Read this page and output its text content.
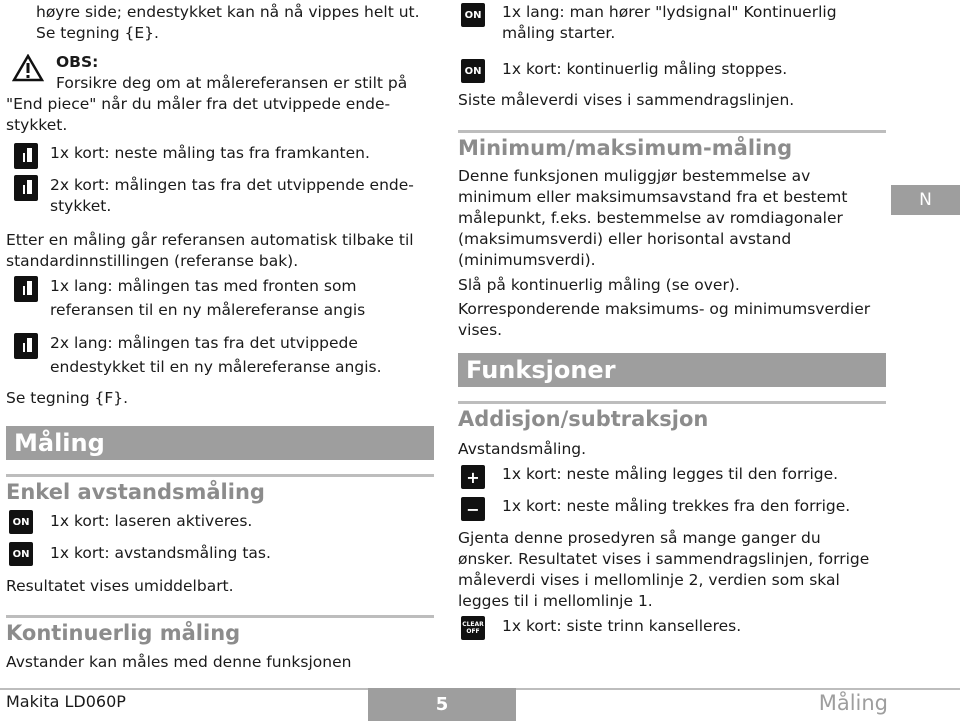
høyre side; endestykket kan nå nå vippes helt ut.

Se tegning {E}.

OBS:

Forsikre deg om at målereferansen er stilt på "End piece" når du måler fra det utvippede ende-stykket.

1x kort: neste måling tas fra framkanten.

2x kort: målingen tas fra det utvippende ende-stykket.

Etter en måling går referansen automatisk tilbake til standardinnstillingen (referanse bak).

1x lang: målingen tas med fronten som referansen til en ny målereferanse angis

2x lang: målingen tas fra det utvippede endestykket til en ny målereferanse angis.

Se tegning {F}.

Måling
Enkel avstandsmåling
ON 1x kort: laseren aktiveres.

ON 1x kort: avstandsmåling tas.

Resultatet vises umiddelbart.

Kontinuerlig måling

Avstander kan måles med denne funksjonen

ON 1x lang: man hører "lydsignal" Kontinuerlig måling starter.

ON 1x kort: kontinuerlig måling stoppes.

Siste måleverdi vises i sammendragslinjen.

Minimum/maksimum-måling

Denne funksjonen muliggjør bestemmelse av minimum eller maksimumsavstand fra et bestemt målepunkt, f.eks. bestemmelse av romdiagonaler (maksimumsverdi) eller horisontal avstand (minimumsverdi).

Slå på kontinuerlig måling (se over).

Korresponderende maksimums- og minimumsverdier vises.

Funksjoner
Addisjon/subtraksjon

Avstandsmåling.

+	1x kort: neste måling legges til den forrige.

−	1x kort: neste måling trekkes fra den forrige.

Gjenta denne prosedyren så mange ganger du ønsker. Resultatet vises i sammendragslinjen, forrige måleverdi vises i mellomlinje 2, verdien som skal legges til i mellomlinje 1.

CLEAR OFF	1x kort: siste trinn kanselleres.

N
Makita LD060P	5	Måling
